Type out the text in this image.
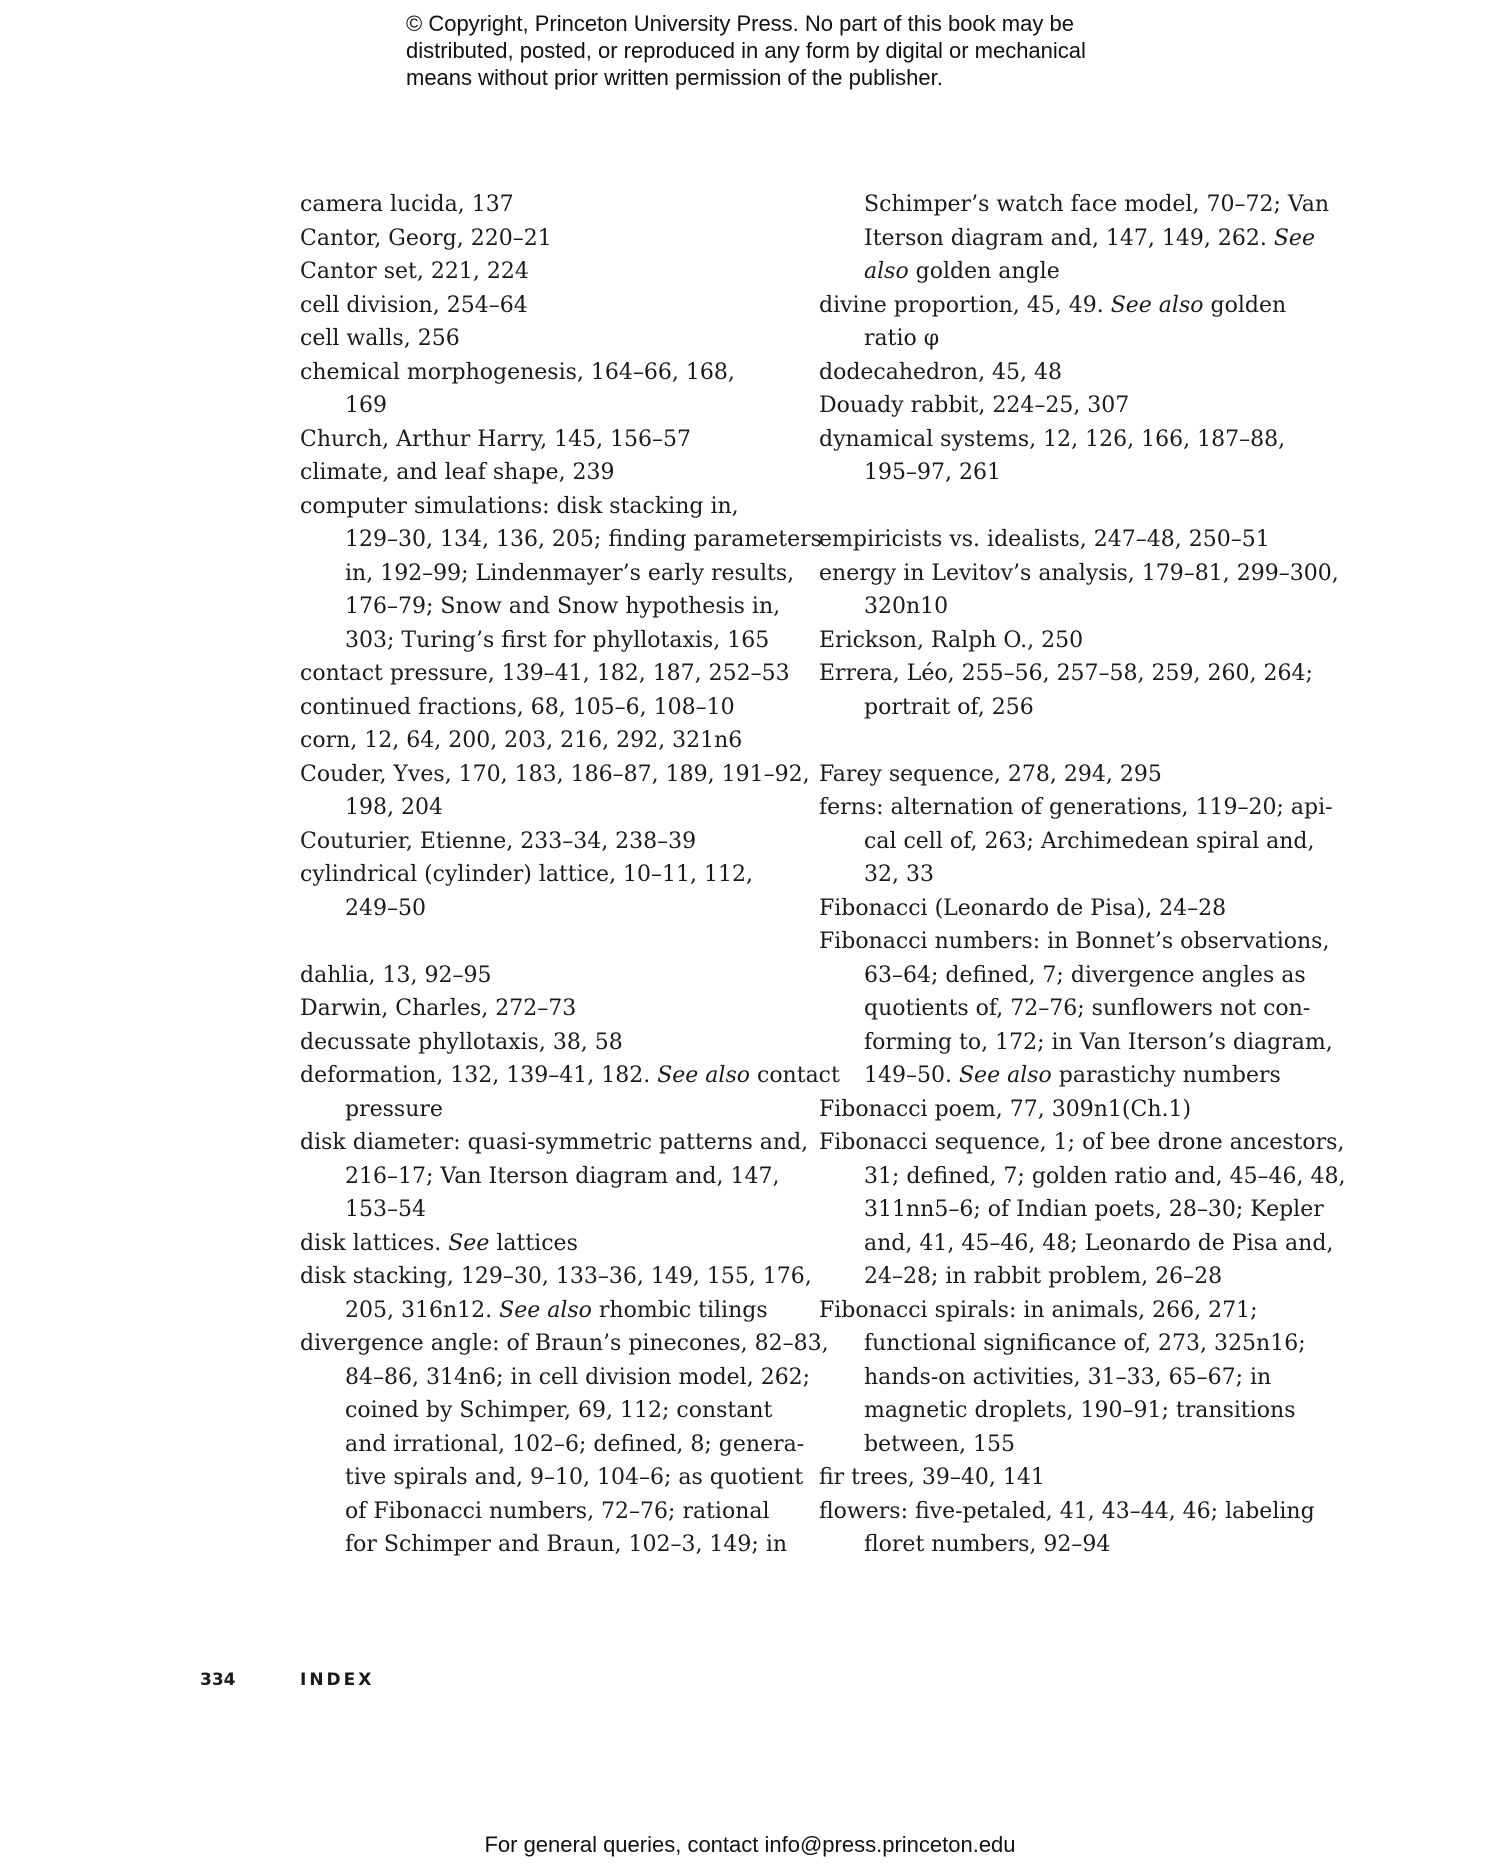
© Copyright, Princeton University Press. No part of this book may be
distributed, posted, or reproduced in any form by digital or mechanical
means without prior written permission of the publisher.
camera lucida, 137
Cantor, Georg, 220–21
Cantor set, 221, 224
cell division, 254–64
cell walls, 256
chemical morphogenesis, 164–66, 168,
169
Church, Arthur Harry, 145, 156–57
climate, and leaf shape, 239
computer simulations: disk stacking in,
129–30, 134, 136, 205; finding parameters
in, 192–99; Lindenmayer’s early results,
176–79; Snow and Snow hypothesis in,
303; Turing’s first for phyllotaxis, 165
contact pressure, 139–41, 182, 187, 252–53
continued fractions, 68, 105–6, 108–10
corn, 12, 64, 200, 203, 216, 292, 321n6
Couder, Yves, 170, 183, 186–87, 189, 191–92,
198, 204
Couturier, Etienne, 233–34, 238–39
cylindrical (cylinder) lattice, 10–11, 112,
249–50
dahlia, 13, 92–95
Darwin, Charles, 272–73
decussate phyllotaxis, 38, 58
deformation, 132, 139–41, 182. See also contact
pressure
disk diameter: quasi-symmetric patterns and,
216–17; Van Iterson diagram and, 147,
153–54
disk lattices. See lattices
disk stacking, 129–30, 133–36, 149, 155, 176,
205, 316n12. See also rhombic tilings
divergence angle: of Braun’s pinecones, 82–83,
84–86, 314n6; in cell division model, 262;
coined by Schimper, 69, 112; constant
and irrational, 102–6; defined, 8; genera-
tive spirals and, 9–10, 104–6; as quotient
of Fibonacci numbers, 72–76; rational
for Schimper and Braun, 102–3, 149; in
Schimper’s watch face model, 70–72; Van
Iterson diagram and, 147, 149, 262. See
also golden angle
divine proportion, 45, 49. See also golden
ratio φ
dodecahedron, 45, 48
Douady rabbit, 224–25, 307
dynamical systems, 12, 126, 166, 187–88,
195–97, 261
empiricists vs. idealists, 247–48, 250–51
energy in Levitov’s analysis, 179–81, 299–300,
320n10
Erickson, Ralph O., 250
Errera, Léo, 255–56, 257–58, 259, 260, 264;
portrait of, 256
Farey sequence, 278, 294, 295
ferns: alternation of generations, 119–20; api-
cal cell of, 263; Archimedean spiral and,
32, 33
Fibonacci (Leonardo de Pisa), 24–28
Fibonacci numbers: in Bonnet’s observations,
63–64; defined, 7; divergence angles as
quotients of, 72–76; sunflowers not con-
forming to, 172; in Van Iterson’s diagram,
149–50. See also parastichy numbers
Fibonacci poem, 77, 309n1(Ch.1)
Fibonacci sequence, 1; of bee drone ancestors,
31; defined, 7; golden ratio and, 45–46, 48,
311nn5–6; of Indian poets, 28–30; Kepler
and, 41, 45–46, 48; Leonardo de Pisa and,
24–28; in rabbit problem, 26–28
Fibonacci spirals: in animals, 266, 271;
functional significance of, 273, 325n16;
hands-on activities, 31–33, 65–67; in
magnetic droplets, 190–91; transitions
between, 155
fir trees, 39–40, 141
flowers: five-petaled, 41, 43–44, 46; labeling
floret numbers, 92–94
334	INDEX
For general queries, contact info@press.princeton.edu
